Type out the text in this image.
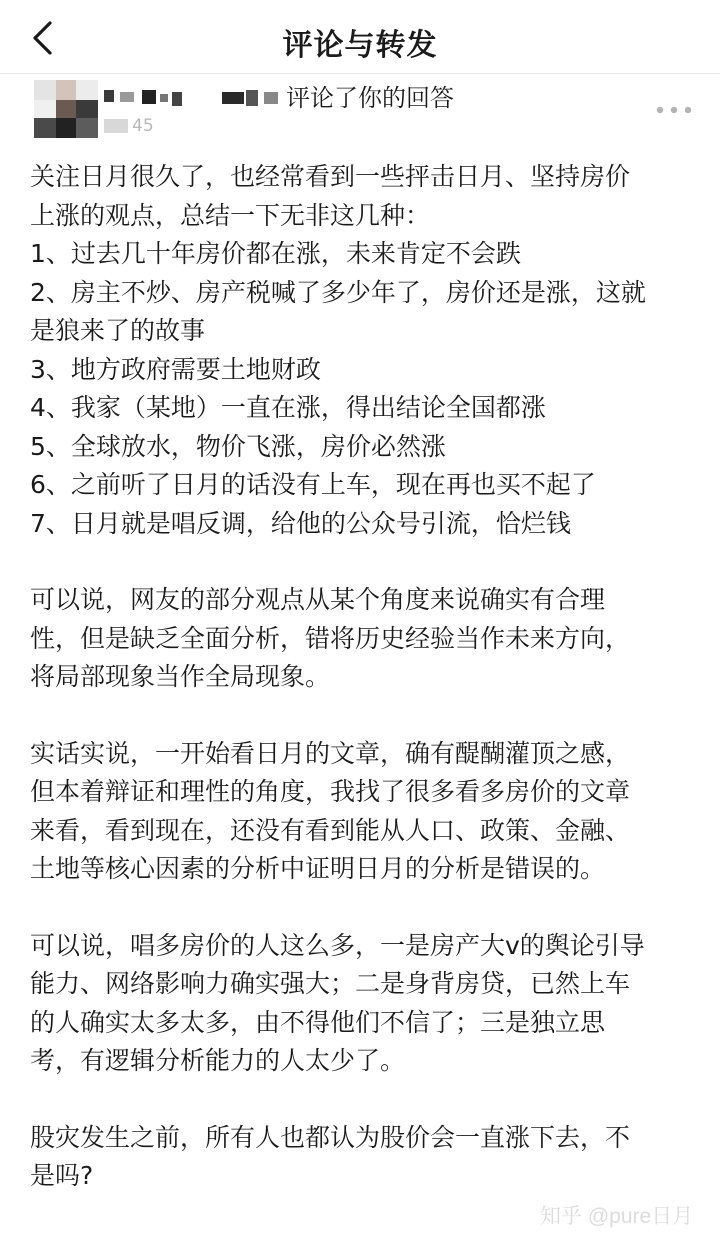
评论与转发
评论了你的回答
45

关注日月很久了，也经常看到一些抨击日月、坚持房价
上涨的观点，总结一下无非这几种：
1、过去几十年房价都在涨，未来肯定不会跌
2、房主不炒、房产税喊了多少年了，房价还是涨，这就
是狼来了的故事
3、地方政府需要土地财政
4、我家（某地）一直在涨，得出结论全国都涨
5、全球放水，物价飞涨，房价必然涨
6、之前听了日月的话没有上车，现在再也买不起了
7、日月就是唱反调，给他的公众号引流，恰烂钱

可以说，网友的部分观点从某个角度来说确实有合理
性，但是缺乏全面分析，错将历史经验当作未来方向，
将局部现象当作全局现象。

实话实说，一开始看日月的文章，确有醍醐灌顶之感，
但本着辩证和理性的角度，我找了很多看多房价的文章
来看，看到现在，还没有看到能从人口、政策、金融、
土地等核心因素的分析中证明日月的分析是错误的。

可以说，唱多房价的人这么多，一是房产大v的舆论引导
能力、网络影响力确实强大；二是身背房贷，已然上车
的人确实太多太多，由不得他们不信了；三是独立思
考，有逻辑分析能力的人太少了。

股灾发生之前，所有人也都认为股价会一直涨下去，不
是吗?

知乎 @pure日月
